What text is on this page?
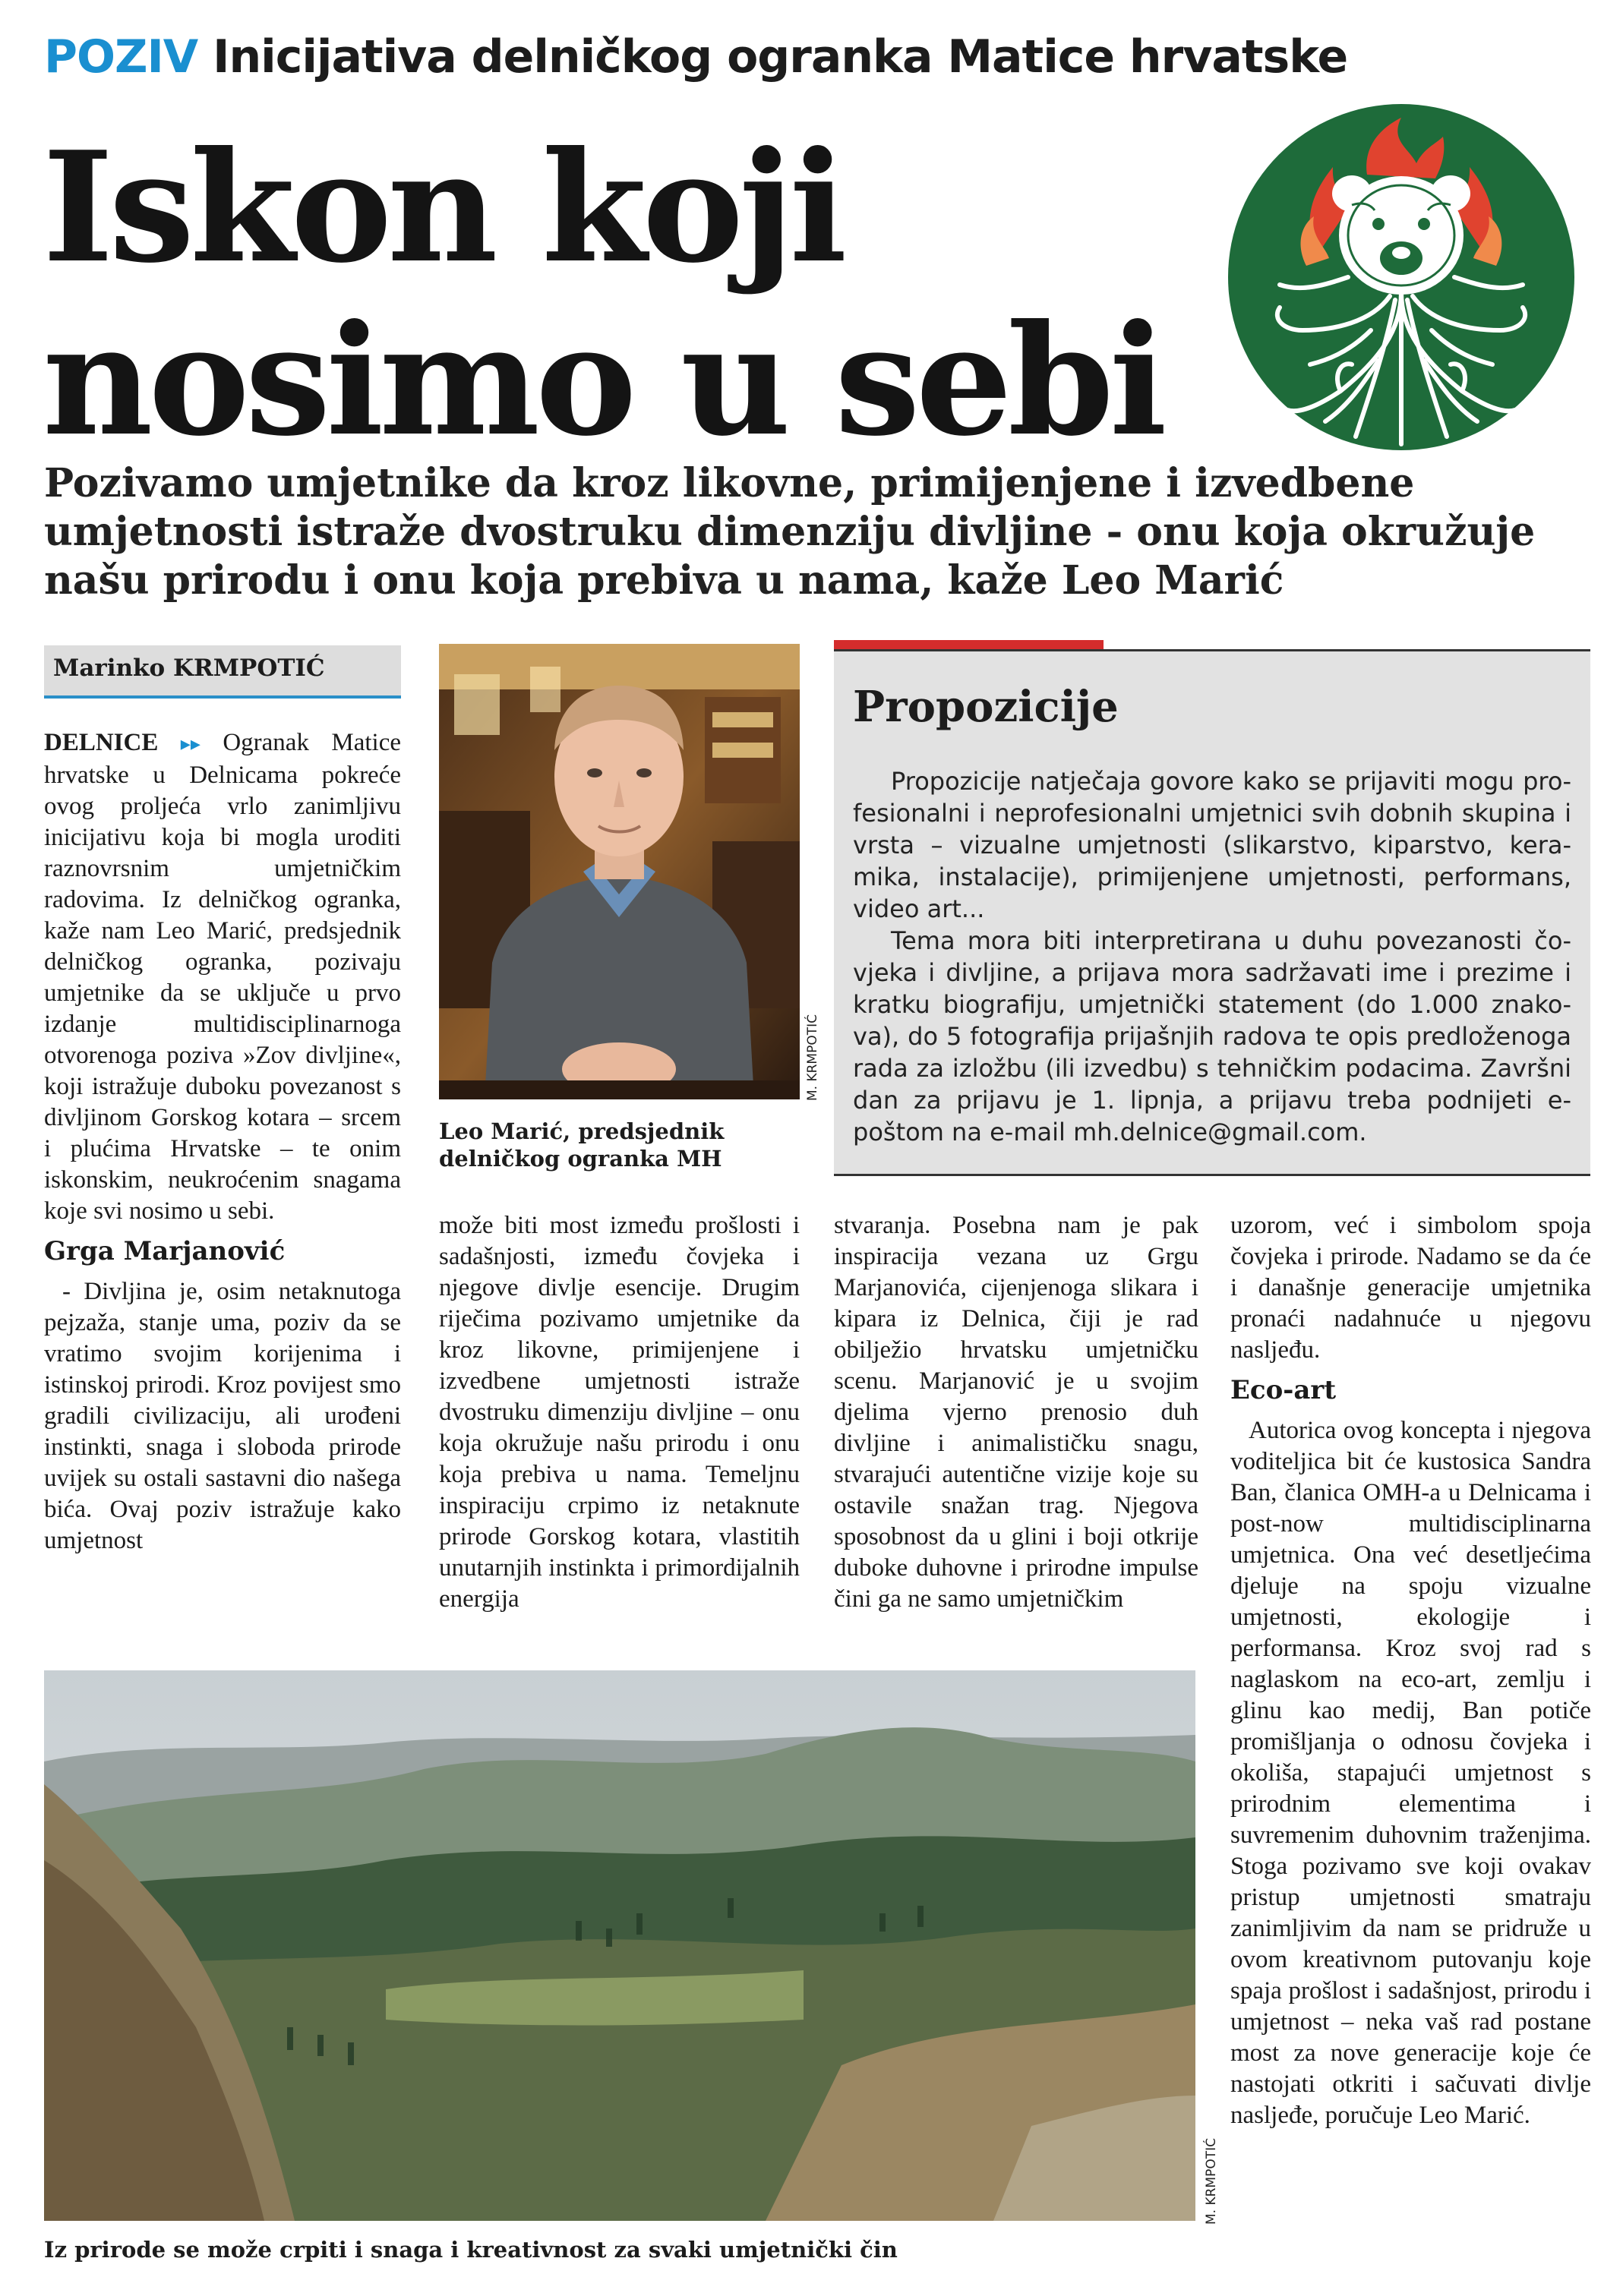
POZIV Inicijativa delničkog ogranka Matice hrvatske
Iskon koji
nosimo u sebi
Pozivamo umjetnike da kroz likovne, primijenjene i izvedbene umjetnosti istraže dvostruku dimenziju divljine - onu koja okružuje našu prirodu i onu koja prebiva u nama, kaže Leo Marić
Marinko KRMPOTIĆ

DELNICE ▸▸ Ogranak Matice hrvatske u Delnicama pokreće ovog proljeća vrlo zanimljivu inicijativu koja bi mogla uroditi raznovrsnim umjetničkim radovima. Iz delničkog ogranka, kaže nam Leo Marić, predsjednik delničkog ogranka, pozivaju umjetnike da se uključe u prvo izdanje multidisciplinarnoga otvorenoga poziva »Zov divljine«, koji istražuje duboku povezanost s divljinom Gorskog kotara – srcem i plućima Hrvatske – te onim iskonskim, neukroćenim snagama koje svi nosimo u sebi.

Grga Marjanović

- Divljina je, osim netaknutoga pejzaža, stanje uma, poziv da se vratimo svojim korijenima i istinskoj prirodi. Kroz povijest smo gradili civilizaciju, ali urođeni instinkti, snaga i sloboda prirode uvijek su ostali sastavni dio našega bića. Ovaj poziv istražuje kako umjetnost

M. KRMPOTIĆ
Leo Marić, predsjednik delničkog ogranka MH

može biti most između prošlosti i sadašnjosti, između čovjeka i njegove divlje esencije. Drugim riječima pozivamo umjetnike da kroz likovne, primijenjene i izvedbene umjetnosti istraže dvostruku dimenziju divljine – onu koja okružuje našu prirodu i onu koja prebiva u nama. Temeljnu inspiraciju crpimo iz netaknute prirode Gorskog kotara, vlastitih unutarnjih instinkta i primordijalnih energija

Propozicije

Propozicije natječaja govore kako se prijaviti mogu profesionalni i neprofesionalni umjetnici svih dobnih skupina i vrsta – vizualne umjetnosti (slikarstvo, kiparstvo, keramika, instalacije), primijenjene umjetnosti, performans, video art...

Tema mora biti interpretirana u duhu povezanosti čovjeka i divljine, a prijava mora sadržavati ime i prezime i kratku biografiju, umjetnički statement (do 1.000 znakova), do 5 fotografija prijašnjih radova te opis predloženoga rada za izložbu (ili izvedbu) s tehničkim podacima. Završni dan za prijavu je 1. lipnja, a prijavu treba podnijeti e-poštom na e-mail mh.delnice@gmail.com.

stvaranja. Posebna nam je pak inspiracija vezana uz Grgu Marjanovića, cijenjenoga slikara i kipara iz Delnica, čiji je rad obilježio hrvatsku umjetničku scenu. Marjanović je u svojim djelima vjerno prenosio duh divljine i animalističku snagu, stvarajući autentične vizije koje su ostavile snažan trag. Njegova sposobnost da u glini i boji otkrije duboke duhovne i prirodne impulse čini ga ne samo umjetničkim

uzorom, već i simbolom spoja čovjeka i prirode. Nadamo se da će i današnje generacije umjetnika pronaći nadahnuće u njegovu nasljeđu.

Eco-art

Autorica ovog koncepta i njegova voditeljica bit će kustosica Sandra Ban, članica OMH-a u Delnicama i post-now multidisciplinarna umjetnica. Ona već desetljećima djeluje na spoju vizualne umjetnosti, ekologije i performansa. Kroz svoj rad s naglaskom na eco-art, zemlju i glinu kao medij, Ban potiče promišljanja o odnosu čovjeka i okoliša, stapajući umjetnost s prirodnim elementima i suvremenim duhovnim traženjima. Stoga pozivamo sve koji ovakav pristup umjetnosti smatraju zanimljivim da nam se pridruže u ovom kreativnom putovanju koje spaja prošlost i sadašnjost, prirodu i umjetnost – neka vaš rad postane most za nove generacije koje će nastojati otkriti i sačuvati divlje nasljeđe, poručuje Leo Marić.

M. KRMPOTIĆ
Iz prirode se može crpiti i snaga i kreativnost za svaki umjetnički čin
